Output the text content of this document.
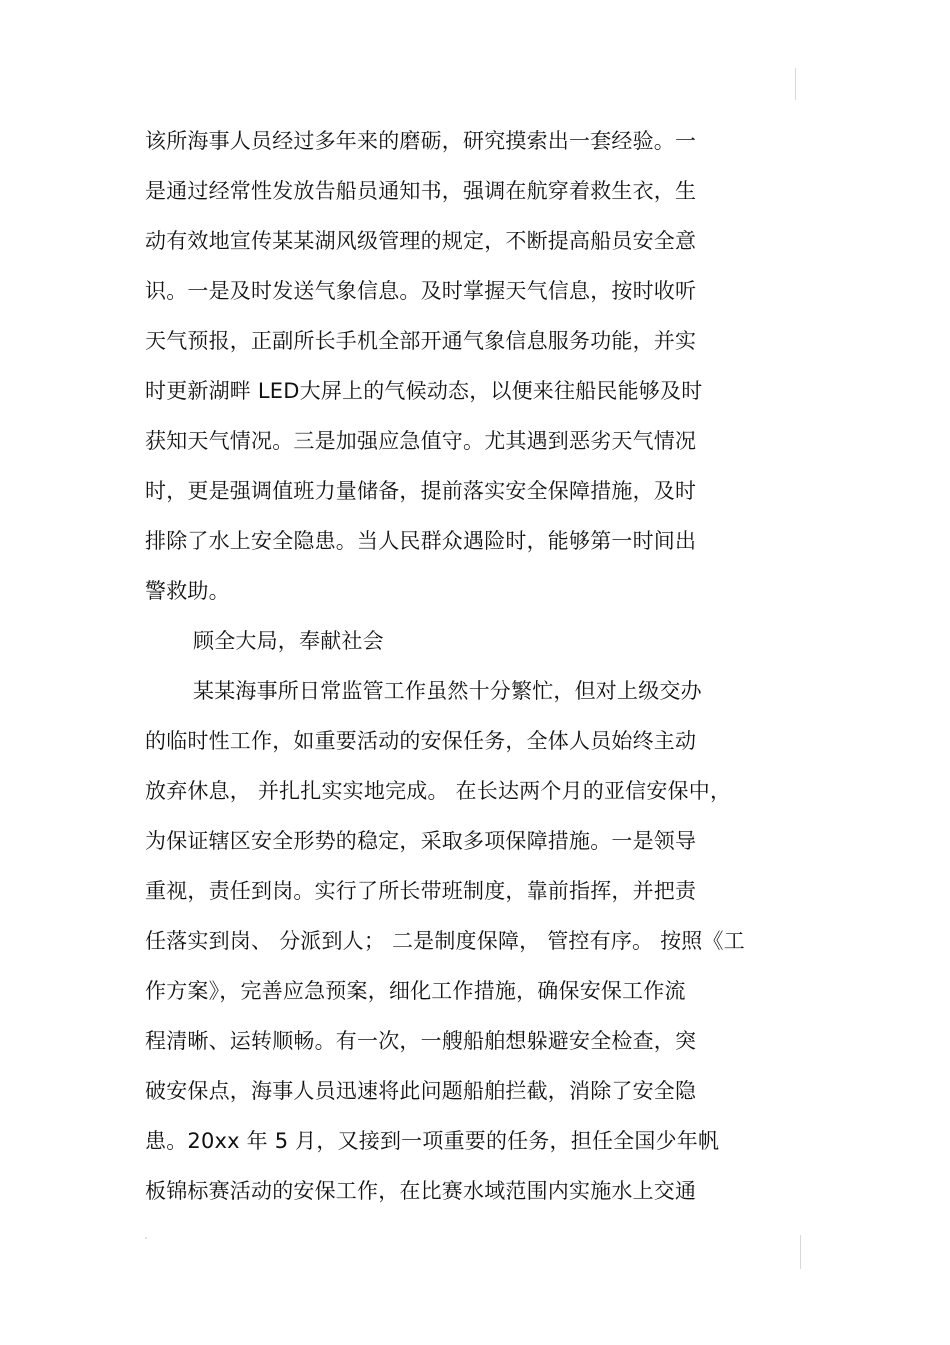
该所海事人员经过多年来的磨砺，研究摸索出一套经验。一
是通过经常性发放告船员通知书，强调在航穿着救生衣，生
动有效地宣传某某湖风级管理的规定，不断提高船员安全意
识。一是及时发送气象信息。及时掌握天气信息，按时收听
天气预报，正副所长手机全部开通气象信息服务功能，并实
时更新湖畔 LED大屏上的气候动态，以便来往船民能够及时
获知天气情况。三是加强应急值守。尤其遇到恶劣天气情况
时，更是强调值班力量储备，提前落实安全保障措施，及时
排除了水上安全隐患。当人民群众遇险时，能够第一时间出
警救助。
顾全大局，奉献社会
某某海事所日常监管工作虽然十分繁忙，但对上级交办
的临时性工作，如重要活动的安保任务，全体人员始终主动
放弃休息， 并扎扎实实地完成。 在长达两个月的亚信安保中，
为保证辖区安全形势的稳定，采取多项保障措施。一是领导
重视，责任到岗。实行了所长带班制度，靠前指挥，并把责
任落实到岗、 分派到人； 二是制度保障， 管控有序。 按照《工
作方案》，完善应急预案，细化工作措施，确保安保工作流
程清晰、运转顺畅。有一次，一艘船舶想躲避安全检查，突
破安保点，海事人员迅速将此问题船舶拦截，消除了安全隐
患。20xx 年 5 月，又接到一项重要的任务，担任全国少年帆
板锦标赛活动的安保工作，在比赛水域范围内实施水上交通
